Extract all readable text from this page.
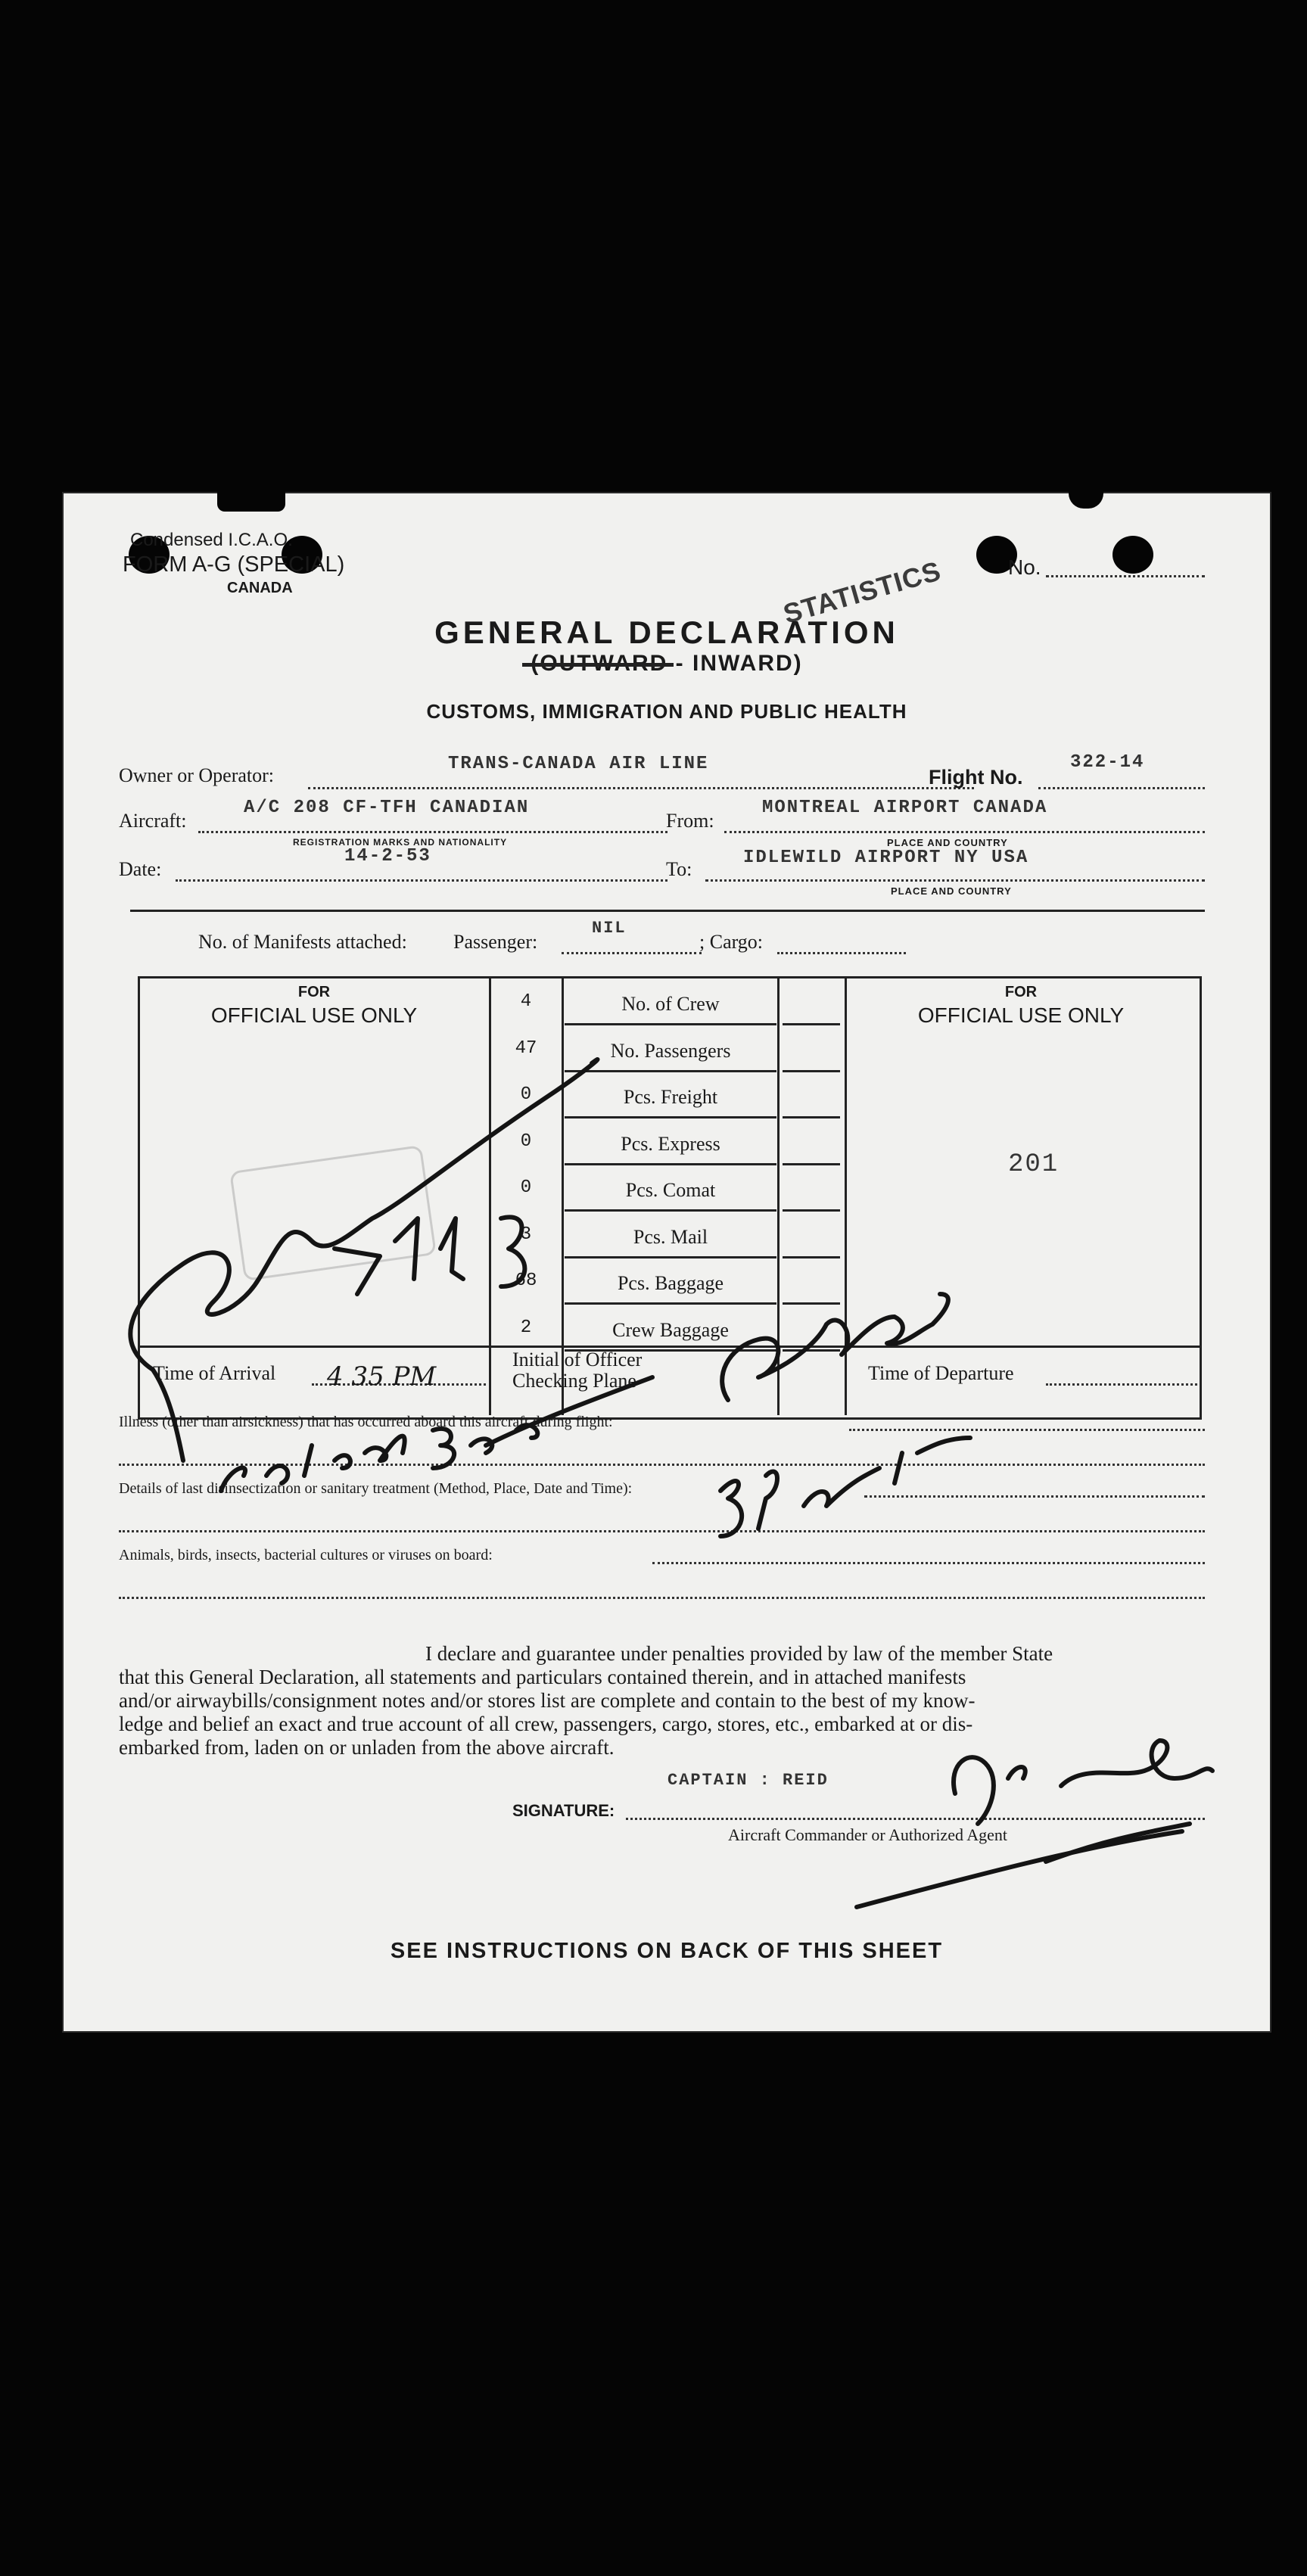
Condensed I.C.A.O.
FORM A-G (SPECIAL)
CANADA
No.
STATISTICS
GENERAL DECLARATION
(OUTWARD - INWARD)
CUSTOMS, IMMIGRATION AND PUBLIC HEALTH
Owner or Operator:
TRANS-CANADA AIR LINE
Flight No.
322-14
Aircraft:
A/C 208 CF-TFH CANADIAN
REGISTRATION MARKS AND NATIONALITY
From:
MONTREAL AIRPORT CANADA
PLACE AND COUNTRY
Date:
14-2-53
To:
IDLEWILD AIRPORT NY USA
PLACE AND COUNTRY
No. of Manifests attached: Passenger:
NIL
; Cargo:
FOR
OFFICIAL USE ONLY
FOR
OFFICIAL USE ONLY
201
4	No. of Crew
47	No. Passengers
0	Pcs. Freight
0	Pcs. Express
0	Pcs. Comat
3	Pcs. Mail
68	Pcs. Baggage
2	Crew Baggage
Time of Arrival
Initial of Officer
Checking Plane	Time of Departure
Illness (other than airsickness) that has occurred aboard this aircraft during flight:
Details of last disinsectization or sanitary treatment (Method, Place, Date and Time):
Animals, birds, insects, bacterial cultures or viruses on board:
I declare and guarantee under penalties provided by law of the member State
that this General Declaration, all statements and particulars contained therein, and in attached manifests
and/or airwaybills/consignment notes and/or stores list are complete and contain to the best of my know-
ledge and belief an exact and true account of all crew, passengers, cargo, stores, etc., embarked at or dis-
embarked from, laden on or unladen from the above aircraft.
CAPTAIN : REID
SIGNATURE:
Aircraft Commander or Authorized Agent
SEE INSTRUCTIONS ON BACK OF THIS SHEET
4 35 PM
